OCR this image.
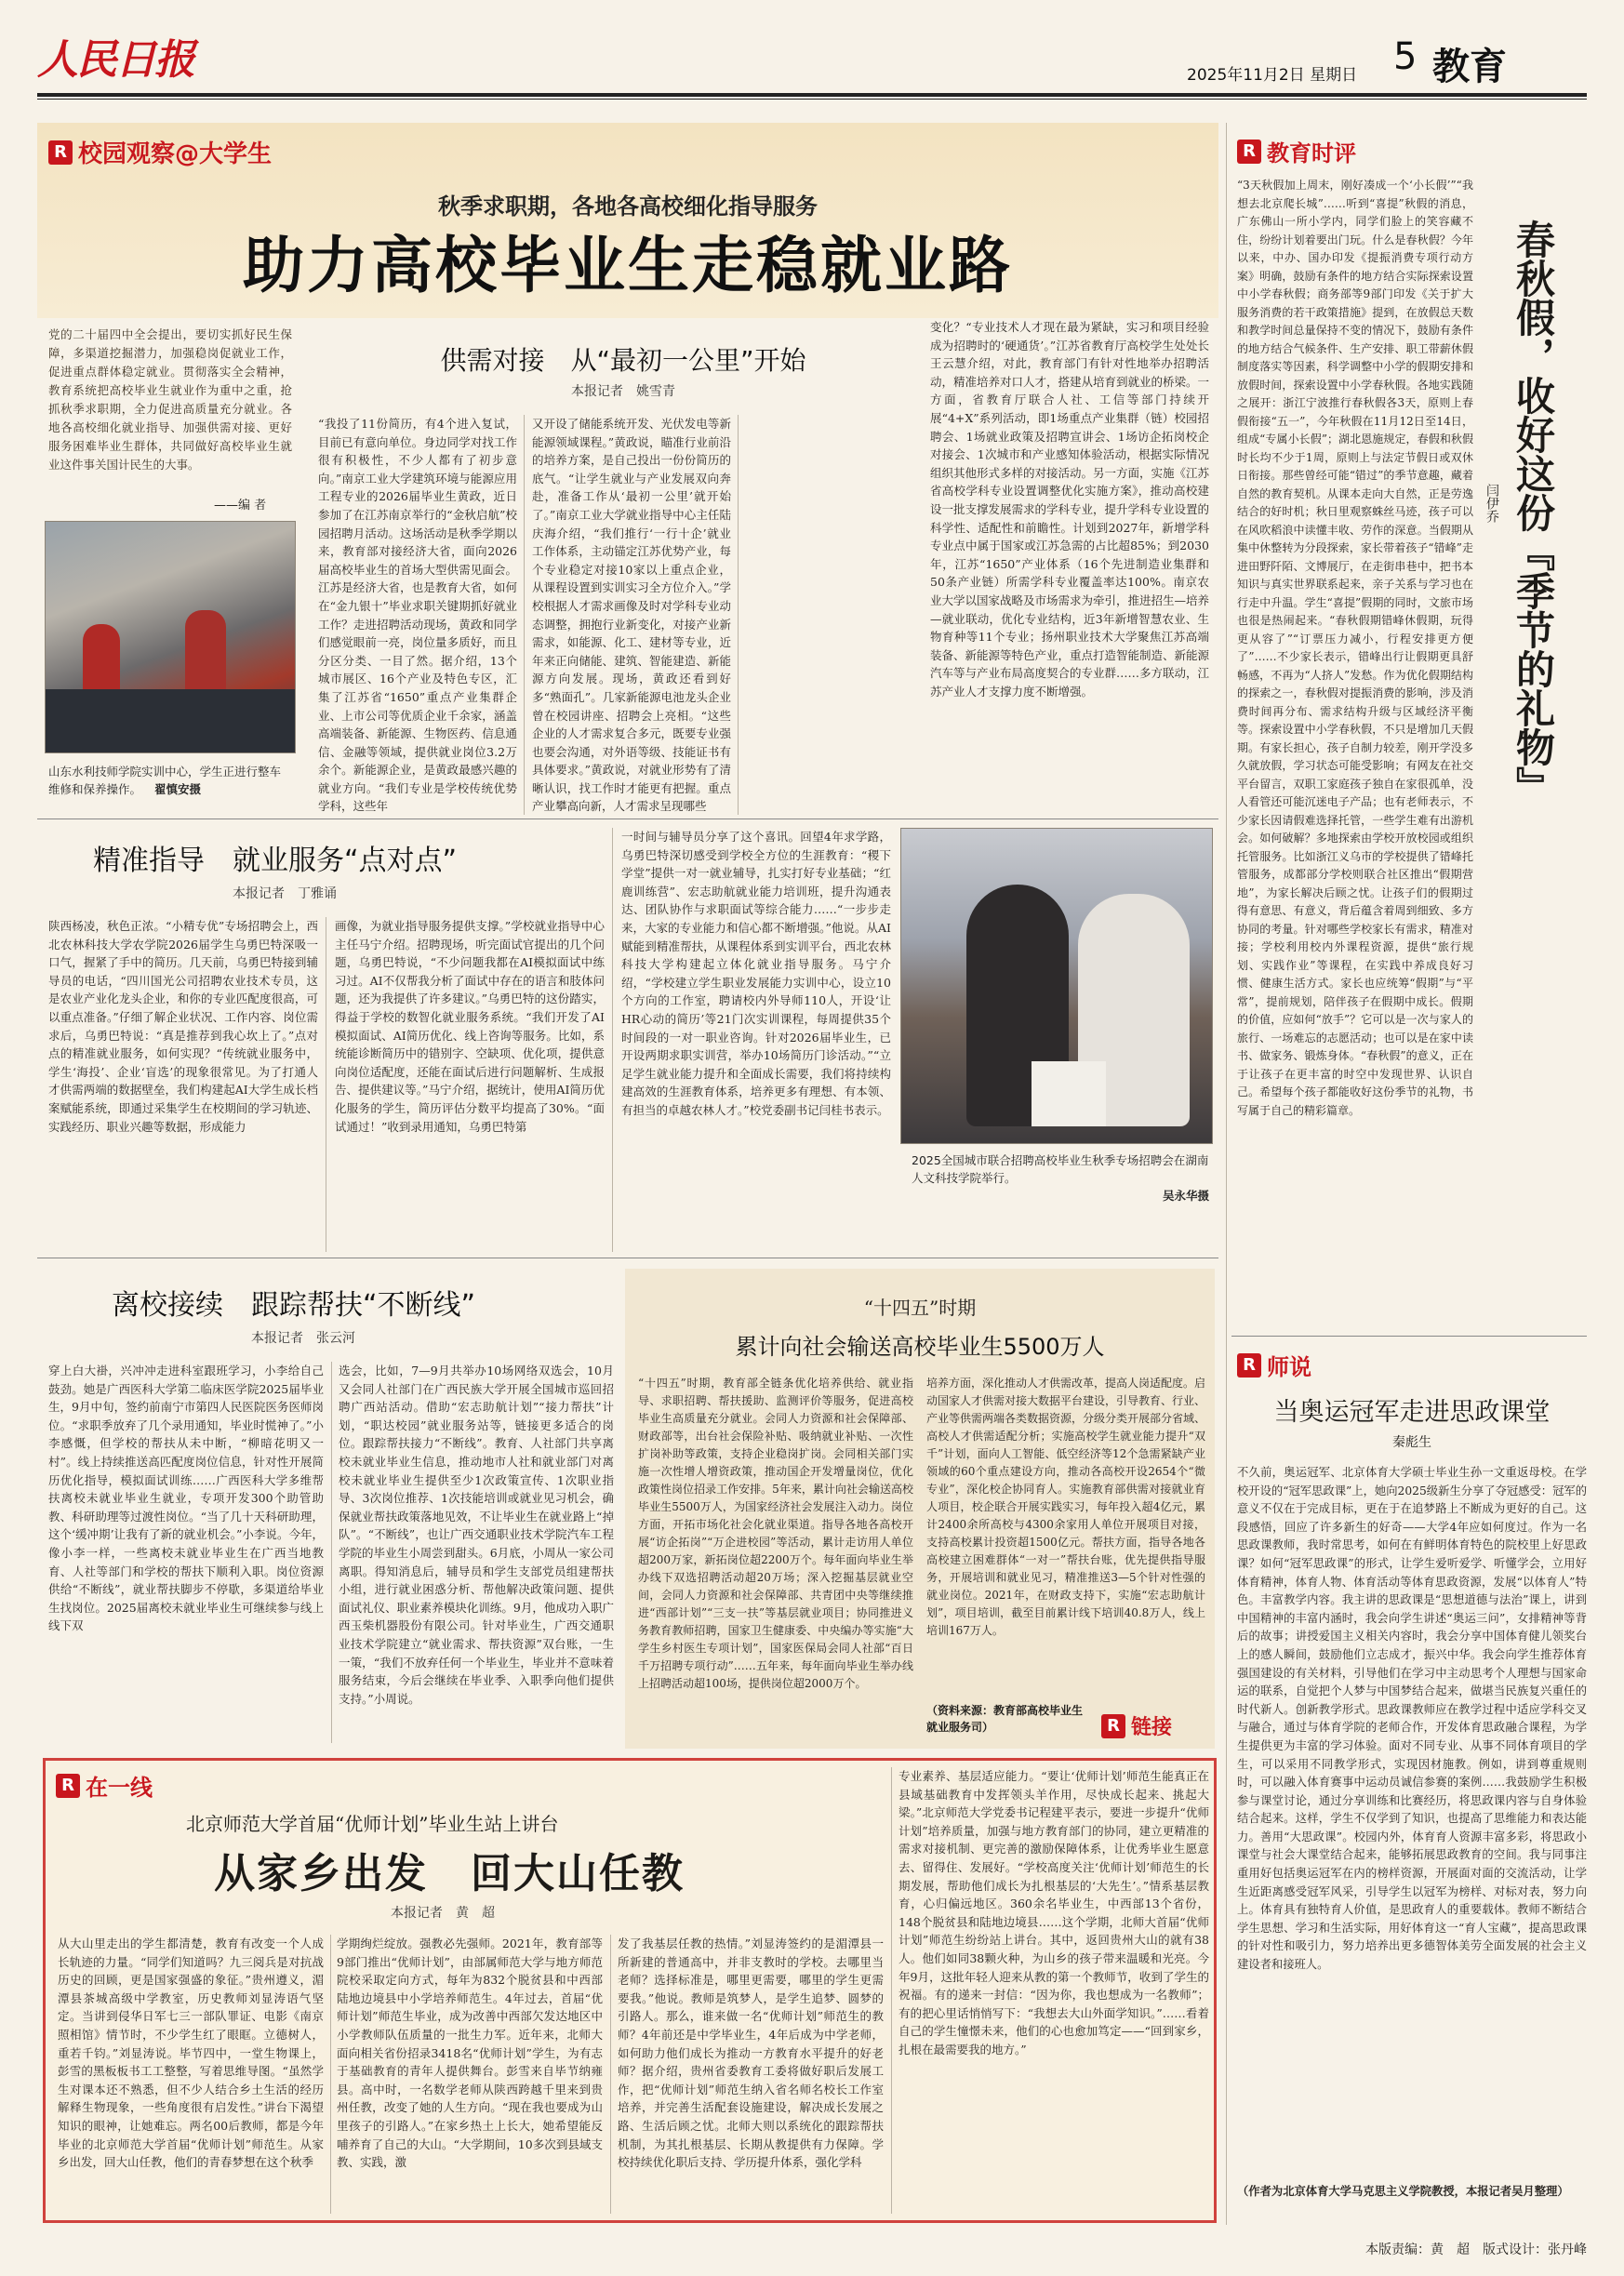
人民日报	2025年11月2日 星期日 5 教育
R 校园观察@大学生
秋季求职期，各地各高校细化指导服务
助力高校毕业生走稳就业路
党的二十届四中全会提出，要切实抓好民生保障，多渠道挖掘潜力，加强稳岗促就业工作，促进重点群体稳定就业。贯彻落实全会精神，教育系统把高校毕业生就业作为重中之重，抢抓秋季求职期，全力促进高质量充分就业。各地各高校细化就业指导、加强供需对接、更好服务困难毕业生群体，共同做好高校毕业生就业这件事关国计民生的大事。
——编 者
山东水利技师学院实训中心，学生正进行整车维修和保养操作。 翟慎安摄
供需对接　从“最初一公里”开始
本报记者　姚雪青
“我投了11份简历，有4个进入复试，目前已有意向单位。身边同学对找工作很有积极性，不少人都有了初步意向。”南京工业大学建筑环境与能源应用工程专业的2026届毕业生黄政，近日参加了在江苏南京举行的“金秋启航”校园招聘月活动。这场活动是秋季学期以来，教育部对接经济大省，面向2026届高校毕业生的首场大型供需见面会。江苏是经济大省，也是教育大省，如何在“金九银十”毕业求职关键期抓好就业工作？走进招聘活动现场，黄政和同学们感觉眼前一亮，岗位量多质好，而且分区分类、一目了然。据介绍，13个城市展区、16个产业及特色专区，汇集了江苏省“1650”重点产业集群企业、上市公司等优质企业千余家，涵盖高端装备、新能源、生物医药、信息通信、金融等领域，提供就业岗位3.2万余个。新能源企业，是黄政最感兴趣的就业方向。“我们专业是学校传统优势学科，这些年
又开设了储能系统开发、光伏发电等新能源领域课程。”黄政说，瞄准行业前沿的培养方案，是自己投出一份份简历的底气。“让学生就业与产业发展双向奔赴，准备工作从‘最初一公里’就开始了。”南京工业大学就业指导中心主任陆庆海介绍，“我们推行‘一行十企’就业工作体系，主动锚定江苏优势产业，每个专业稳定对接10家以上重点企业，从课程设置到实训实习全方位介入。”学校根据人才需求画像及时对学科专业动态调整，拥抱行业新变化，对接产业新需求，如能源、化工、建材等专业，近年来正向储能、建筑、智能建造、新能源方向发展。现场，黄政还看到好多“熟面孔”。几家新能源电池龙头企业曾在校园讲座、招聘会上亮相。“这些企业的人才需求复合多元，既要专业强也要会沟通，对外语等级、技能证书有具体要求。”黄政说，对就业形势有了清晰认识，找工作时才能更有把握。重点产业攀高向新，人才需求呈现哪些
变化？“专业技术人才现在最为紧缺，实习和项目经验成为招聘时的‘硬通货’。”江苏省教育厅高校学生处处长王云慧介绍，对此，教育部门有针对性地举办招聘活动，精准培养对口人才，搭建从培育到就业的桥梁。一方面，省教育厅联合人社、工信等部门持续开展“4+X”系列活动，即1场重点产业集群（链）校园招聘会、1场就业政策及招聘宣讲会、1场访企拓岗校企对接会、1次城市和产业感知体验活动，根据实际情况组织其他形式多样的对接活动。另一方面，实施《江苏省高校学科专业设置调整优化实施方案》，推动高校建设一批支撑发展需求的学科专业，提升学科专业设置的科学性、适配性和前瞻性。计划到2027年，新增学科专业点中属于国家或江苏急需的占比超85%；到2030年，江苏“1650”产业体系（16个先进制造业集群和50条产业链）所需学科专业覆盖率达100%。南京农业大学以国家战略及市场需求为牵引，推进招生—培养—就业联动，优化专业结构，近3年新增智慧农业、生物育种等11个专业；扬州职业技术大学聚焦江苏高端装备、新能源等特色产业，重点打造智能制造、新能源汽车等与产业布局高度契合的专业群……多方联动，江苏产业人才支撑力度不断增强。
精准指导　就业服务“点对点”
本报记者　丁雅诵
陕西杨凌，秋色正浓。“小精专优”专场招聘会上，西北农林科技大学农学院2026届学生乌勇巴特深吸一口气，握紧了手中的简历。几天前，乌勇巴特接到辅导员的电话，“四川国光公司招聘农业技术专员，这是农业产业化龙头企业，和你的专业匹配度很高，可以重点准备。”仔细了解企业状况、工作内容、岗位需求后，乌勇巴特说：“真是推荐到我心坎上了。”点对点的精准就业服务，如何实现？“传统就业服务中，学生‘海投’、企业‘盲选’的现象很常见。为了打通人才供需两端的数据壁垒，我们构建起AI大学生成长档案赋能系统，即通过采集学生在校期间的学习轨迹、实践经历、职业兴趣等数据，形成能力
画像，为就业指导服务提供支撑。”学校就业指导中心主任马宁介绍。招聘现场，听完面试官提出的几个问题，乌勇巴特说，“不少问题我都在AI模拟面试中练习过。AI不仅帮我分析了面试中存在的语言和肢体问题，还为我提供了许多建议。”乌勇巴特的这份踏实，得益于学校的数智化就业服务系统。“我们开发了AI模拟面试、AI简历优化、线上咨询等服务。比如，系统能诊断简历中的错别字、空缺项、优化项，提供意向岗位适配度，还能在面试后进行问题解析、生成报告、提供建议等。”马宁介绍，据统计，使用AI简历优化服务的学生，简历评估分数平均提高了30%。“面试通过！”收到录用通知，乌勇巴特第
一时间与辅导员分享了这个喜讯。回望4年求学路，乌勇巴特深切感受到学校全方位的生涯教育：“稷下学堂”提供一对一就业辅导，扎实打好专业基础；“红鹿训练营”、宏志助航就业能力培训班，提升沟通表达、团队协作与求职面试等综合能力……“一步步走来，大家的专业能力和信心都不断增强。”他说。从AI赋能到精准帮扶，从课程体系到实训平台，西北农林科技大学构建起立体化就业指导服务。马宁介绍，“学校建立学生职业发展能力实训中心，设立10个方向的工作室，聘请校内外导师110人，开设‘让HR心动的简历’等21门次实训课程，每周提供35个时间段的一对一职业咨询。针对2026届毕业生，已开设两期求职实训营，举办10场简历门诊活动。”“立足学生就业能力提升和全面成长需要，我们将持续构建高效的生涯教育体系，培养更多有理想、有本领、有担当的卓越农林人才。”校党委副书记闫桂书表示。
2025全国城市联合招聘高校毕业生秋季专场招聘会在湖南人文科技学院举行。
吴永华摄
离校接续　跟踪帮扶“不断线”
本报记者　张云河
穿上白大褂，兴冲冲走进科室跟班学习，小李给自己鼓劲。她是广西医科大学第二临床医学院2025届毕业生，9月中旬，签约前南宁市第四人民医院医务医师岗位。“求职季放弃了几个录用通知，毕业时慌神了。”小李感慨，但学校的帮扶从未中断，“柳暗花明又一村”。线上持续推送高匹配度岗位信息，针对性开展简历优化指导，模拟面试训练……广西医科大学多维帮扶离校未就业毕业生就业，专项开发300个助管助教、科研助理等过渡性岗位。“当了几十天科研助理，这个‘缓冲期’让我有了新的就业机会。”小李说。今年，像小李一样，一些离校未就业毕业生在广西当地教育、人社等部门和学校的帮扶下顺利入职。岗位资源供给“不断线”，就业帮扶脚步不停歇，多渠道给毕业生找岗位。2025届离校未就业毕业生可继续参与线上线下双
选会，比如，7—9月共举办10场网络双选会，10月又会同人社部门在广西民族大学开展全国城市巡回招聘广西站活动。借助“宏志助航计划”“接力帮扶”计划，“职达校园”就业服务站等，链接更多适合的岗位。跟踪帮扶接力“不断线”。教育、人社部门共享离校未就业毕业生信息，推动地市人社和就业部门对离校未就业毕业生提供至少1次政策宣传、1次职业指导、3次岗位推荐、1次技能培训或就业见习机会，确保就业帮扶政策落地见效，不让毕业生在就业路上“掉队”。“不断线”，也让广西交通职业技术学院汽车工程学院的毕业生小周尝到甜头。6月底，小周从一家公司离职。得知消息后，辅导员和学生支部党员组建帮扶小组，进行就业困惑分析、帮他解决政策问题、提供面试礼仪、职业素养模块化训练。9月，他成功入职广西玉柴机器股份有限公司。针对毕业生，广西交通职业技术学院建立“就业需求、帮扶资源”双台账，一生一策，“我们不放弃任何一个毕业生，毕业并不意味着服务结束，今后会继续在毕业季、入职季向他们提供支持。”小周说。
“十四五”时期
累计向社会输送高校毕业生5500万人
“十四五”时期，教育部全链条优化培养供给、就业指导、求职招聘、帮扶援助、监测评价等服务，促进高校毕业生高质量充分就业。会同人力资源和社会保障部、财政部等，出台社会保险补贴、吸纳就业补贴、一次性扩岗补助等政策，支持企业稳岗扩岗。会同相关部门实施一次性增人增资政策，推动国企开发增量岗位，优化政策性岗位招录工作安排。5年来，累计向社会输送高校毕业生5500万人，为国家经济社会发展注入动力。岗位方面，开拓市场化社会化就业渠道。指导各地各高校开展“访企拓岗”“万企进校园”等活动，累计走访用人单位超200万家，新拓岗位超2200万个。每年面向毕业生举办线下双选招聘活动超20万场；深入挖掘基层就业空间，会同人力资源和社会保障部、共青团中央等继续推进“西部计划”“三支一扶”等基层就业项目；协同推进义务教育教师招聘，国家卫生健康委、中央编办等实施“大学生乡村医生专项计划”，国家医保局会同人社部“百日千万招聘专项行动”……五年来，每年面向毕业生举办线上招聘活动超100场，提供岗位超2000万个。
培养方面，深化推动人才供需改革，提高人岗适配度。启动国家人才供需对接大数据平台建设，引导教育、行业、产业等供需两端各类数据资源，分级分类开展部分省域、高校人才供需适配分析；实施高校学生就业能力提升“双千”计划，面向人工智能、低空经济等12个急需紧缺产业领域的60个重点建设方向，推动各高校开设2654个“微专业”，深化校企协同育人。实施教育部供需对接就业育人项目，校企联合开展实践实习，每年投入超4亿元，累计2400余所高校与4300余家用人单位开展项目对接，支持高校累计投资超1500亿元。帮扶方面，指导各地各高校建立困难群体“一对一”帮扶台账，优先提供指导服务，开展培训和就业见习，精准推送3—5个针对性强的就业岗位。2021年，在财政支持下，实施“宏志助航计划”，项目培训，截至目前累计线下培训40.8万人，线上培训167万人。
（资料来源：教育部高校毕业生就业服务司）	R 链接
R 在一线
北京师范大学首届“优师计划”毕业生站上讲台
从家乡出发　回大山任教
本报记者　黄　超
从大山里走出的学生都清楚，教育有改变一个人成长轨迹的力量。“同学们知道吗？九三阅兵是对抗战历史的回顾，更是国家强盛的象征。”贵州遵义，湄潭县茶城高级中学教室，历史教师刘显涛语气坚定。当讲到侵华日军七三一部队罪证、电影《南京照相馆》情节时，不少学生红了眼眶。立德树人，重若千钧。”刘显涛说。毕节四中，一堂生物课上，彭雪的黑板板书工工整整，写着思维导图。“虽然学生对课本还不熟悉，但不少人结合乡土生活的经历解释生物现象，一些角度很有启发性。”讲台下渴望知识的眼神，让她难忘。两名00后教师，都是今年毕业的北京师范大学首届“优师计划”师范生。从家乡出发，回大山任教，他们的青春梦想在这个秋季
学期绚烂绽放。强教必先强师。2021年，教育部等9部门推出“优师计划”，由部属师范大学与地方师范院校采取定向方式，每年为832个脱贫县和中西部陆地边境县中小学培养师范生。4年过去，首届“优师计划”师范生毕业，成为改善中西部欠发达地区中小学教师队伍质量的一批生力军。近年来，北师大面向相关省份招录3418名“优师计划”学生，为有志于基础教育的青年人提供舞台。彭雪来自毕节纳雍县。高中时，一名数学老师从陕西跨越千里来到贵州任教，改变了她的人生方向。“现在我也要成为山里孩子的引路人。”在家乡热土上长大，她希望能反哺养育了自己的大山。“大学期间，10多次到县域支教、实践，激
发了我基层任教的热情。”刘显涛签约的是湄潭县一所新建的普通高中，并非支教时的学校。去哪里当老师？选择标准是，哪里更需要，哪里的学生更需要我。”他说。教师是筑梦人，是学生追梦、圆梦的引路人。那么，谁来做一名“优师计划”师范生的教师？4年前还是中学毕业生，4年后成为中学老师，如何助力他们成长为推动一方教育水平提升的好老师？据介绍，贵州省委教育工委将做好职后发展工作，把“优师计划”师范生纳入省名师名校长工作室培养，并完善生活配套设施建设，解决成长发展之路、生活后顾之忧。北师大则以系统化的跟踪帮扶机制，为其扎根基层、长期从教提供有力保障。学校持续优化职后支持、学历提升体系，强化学科
专业素养、基层适应能力。“要让‘优师计划’师范生能真正在县域基础教育中发挥领头羊作用，尽快成长起来、挑起大梁。”北京师范大学党委书记程建平表示，要进一步提升“优师计划”培养质量，加强与地方教育部门的协同，建立更精准的需求对接机制、更完善的激励保障体系，让优秀毕业生愿意去、留得住、发展好。“学校高度关注‘优师计划’师范生的长期发展，帮助他们成长为扎根基层的‘大先生’。”情系基层教育，心归偏远地区。360余名毕业生，中西部13个省份，148个脱贫县和陆地边境县……这个学期，北师大首届“优师计划”师范生纷纷站上讲台。其中，返回贵州大山的就有38人。他们如同38颗火种，为山乡的孩子带来温暖和光亮。今年9月，这批年轻人迎来从教的第一个教师节，收到了学生的祝福。有的递来一封信：“因为你，我也想成为一名教师”；有的把心里话悄悄写下：“我想去大山外面学知识。”……看着自己的学生憧憬未来，他们的心也愈加笃定——“回到家乡，扎根在最需要我的地方。”
R 教育时评
春秋假，收好这份『季节的礼物』
闫伊乔
“3天秋假加上周末，刚好凑成一个‘小长假’”“我想去北京爬长城”……听到“喜提”秋假的消息，广东佛山一所小学内，同学们脸上的笑容藏不住，纷纷计划着要出门玩。什么是春秋假？今年以来，中办、国办印发《提振消费专项行动方案》明确，鼓励有条件的地方结合实际探索设置中小学春秋假；商务部等9部门印发《关于扩大服务消费的若干政策措施》提到，在放假总天数和教学时间总量保持不变的情况下，鼓励有条件的地方结合气候条件、生产安排、职工带薪休假制度落实等因素，科学调整中小学的假期安排和放假时间，探索设置中小学春秋假。各地实践随之展开：浙江宁波推行春秋假各3天，原则上春假衔接“五一”，今年秋假在11月12日至14日，组成“专属小长假”；湖北恩施规定，春假和秋假时长均不少于1周，原则上与法定节假日或双休日衔接。那些曾经可能“错过”的季节意趣，藏着自然的教育契机。从课本走向大自然，正是劳逸结合的好时机；秋日里观察蛛丝马迹，孩子可以在风吹稻浪中读懂丰收、劳作的深意。当假期从集中休整转为分段探索，家长带着孩子“错峰”走进田野阡陌、文博展厅，在走街串巷中，把书本知识与真实世界联系起来，亲子关系与学习也在行走中升温。学生“喜提”假期的同时，文旅市场也很是热闹起来。“春秋假期错峰休假期，玩得更从容了”“订票压力减小，行程安排更方便了”……不少家长表示，错峰出行让假期更具舒畅感，不再为“人挤人”发愁。作为优化假期结构的探索之一，春秋假对提振消费的影响，涉及消费时间再分布、需求结构升级与区域经济平衡等。探索设置中小学春秋假，不只是增加几天假期。有家长担心，孩子自制力较差，刚开学没多久就放假，学习状态可能受影响；有网友在社交平台留言，双职工家庭孩子独自在家很孤单，没人看管还可能沉迷电子产品；也有老师表示，不少家长因请假难选择托管，一些学生难有出游机会。如何破解？多地探索由学校开放校园或组织托管服务。比如浙江义乌市的学校提供了错峰托管服务，成都部分学校则联合社区推出“假期营地”，为家长解决后顾之忧。让孩子们的假期过得有意思、有意义，背后蕴含着周到细致、多方协同的考量。针对哪些学校家长有需求，精准对接；学校利用校内外课程资源，提供“旅行规划、实践作业”等课程，在实践中养成良好习惯、健康生活方式。家长也应统筹“假期”与“平常”，提前规划，陪伴孩子在假期中成长。假期的价值，应如何“放手”？它可以是一次与家人的旅行、一场难忘的志愿活动；也可以是在家中读书、做家务、锻炼身体。“春秋假”的意义，正在于让孩子在更丰富的时空中发现世界、认识自己。希望每个孩子都能收好这份季节的礼物，书写属于自己的精彩篇章。
R 师说
当奥运冠军走进思政课堂
秦彪生
不久前，奥运冠军、北京体育大学硕士毕业生孙一文重返母校。在学校开设的“冠军思政课”上，她向2025级新生分享了夺冠感受：冠军的意义不仅在于完成目标，更在于在追梦路上不断成为更好的自己。这段感悟，回应了许多新生的好奇——大学4年应如何度过。作为一名思政课教师，我时常思考，如何在有鲜明体育特色的院校里上好思政课？如何“冠军思政课”的形式，让学生爱听爱学、听懂学会，立用好体育精神，体育人物、体育活动等体育思政资源，发展“以体育人”特色。丰富教学内容。我主讲的思政课是“思想道德与法治”课上，讲到中国精神的丰富内涵时，我会向学生讲述“奥运三问”，女排精神等背后的故事；讲授爱国主义相关内容时，我会分享中国体育健儿领奖台上的感人瞬间，鼓励他们立志成才，振兴中华。我会向学生推荐体育强国建设的有关材料，引导他们在学习中主动思考个人理想与国家命运的联系，自觉把个人梦与中国梦结合起来，做堪当民族复兴重任的时代新人。创新教学形式。思政课教师应在教学过程中适应学科交叉与融合，通过与体育学院的老师合作，开发体育思政融合课程，为学生提供更为丰富的学习体验。面对不同专业、从事不同体育项目的学生，可以采用不同教学形式，实现因材施教。例如，讲到尊重规则时，可以融入体育赛事中运动员诚信参赛的案例……我鼓励学生积极参与课堂讨论，通过分享训练和比赛经历，将思政课内容与自身体验结合起来。这样，学生不仅学到了知识，也提高了思维能力和表达能力。善用“大思政课”。校园内外，体育育人资源丰富多彩，将思政小课堂与社会大课堂结合起来，能够拓展思政教育的空间。我与同事注重用好包括奥运冠军在内的榜样资源，开展面对面的交流活动，让学生近距离感受冠军风采，引导学生以冠军为榜样、对标对表，努力向上。体育具有独特育人价值，是思政育人的重要载体。教师不断结合学生思想、学习和生活实际，用好体育这一“育人宝藏”，提高思政课的针对性和吸引力，努力培养出更多德智体美劳全面发展的社会主义建设者和接班人。
（作者为北京体育大学马克思主义学院教授，本报记者吴月整理）
本版责编：黄　超　版式设计：张丹峰
